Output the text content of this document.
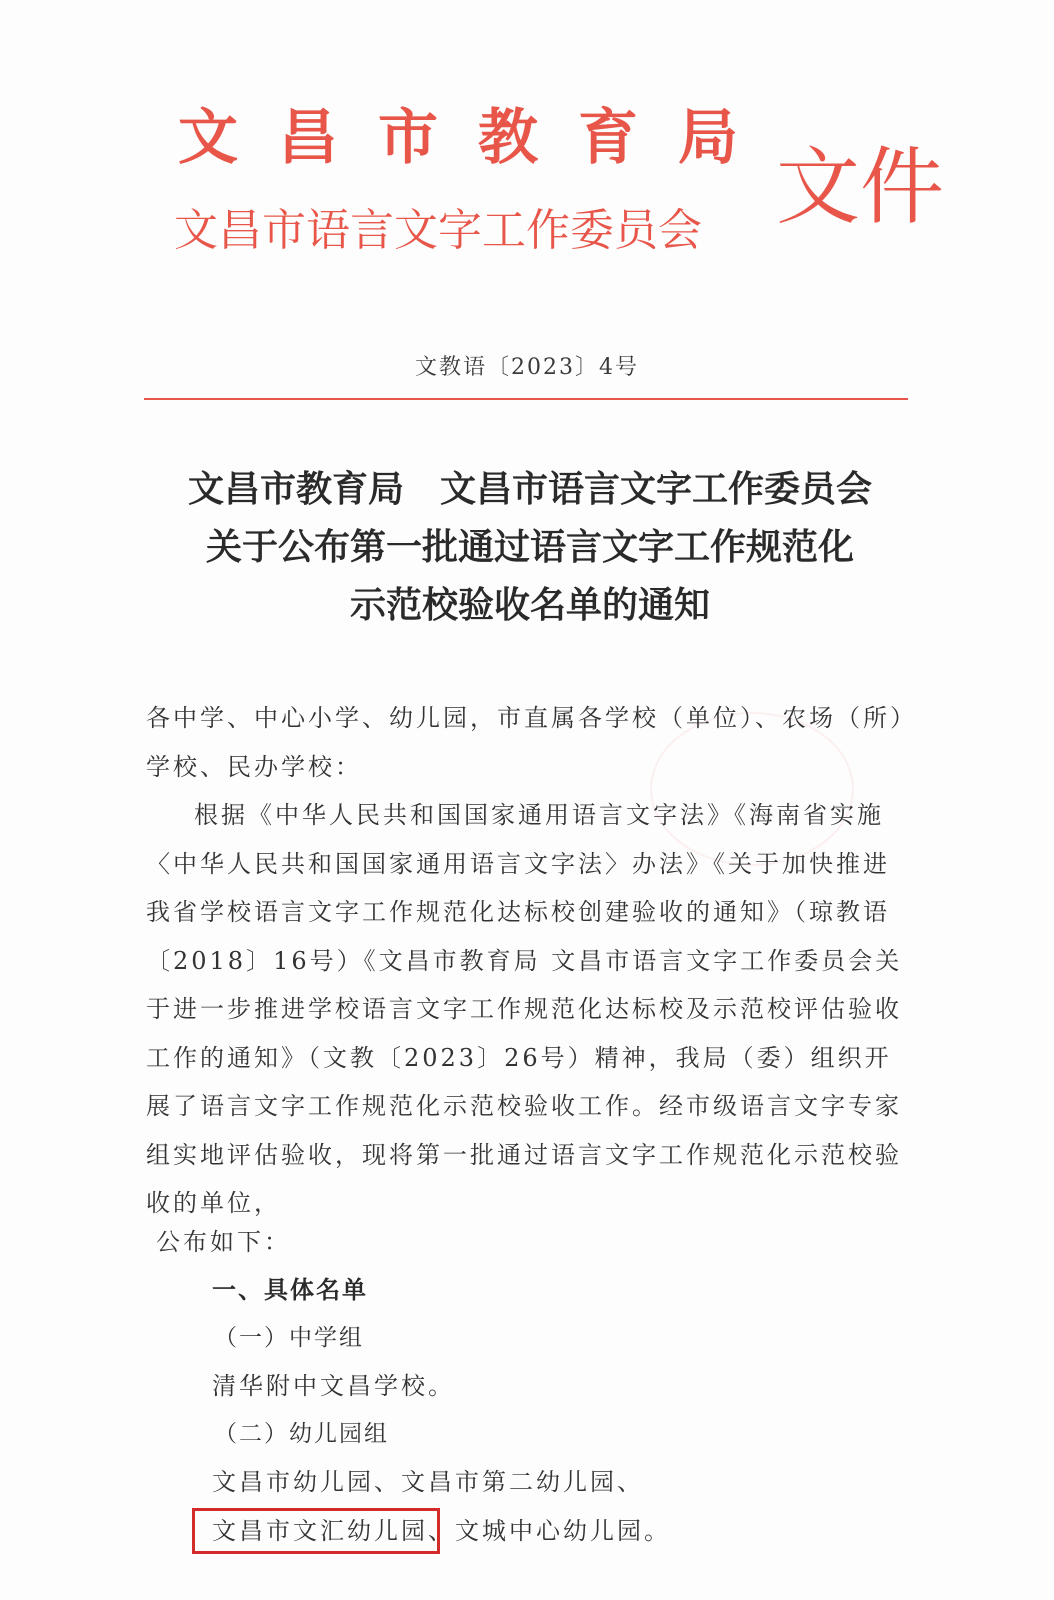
文 昌 市 教 育 局
文昌市语言文字工作委员会 文件
文教语〔2023〕4号
文昌市教育局　文昌市语言文字工作委员会
关于公布第一批通过语言文字工作规范化
示范校验收名单的通知

各中学、中心小学、幼儿园，市直属各学校（单位）、农场（所）学校、民办学校：

根据《中华人民共和国国家通用语言文字法》《海南省实施〈中华人民共和国国家通用语言文字法〉办法》《关于加快推进我省学校语言文字工作规范化达标校创建验收的通知》（琼教语〔2018〕16号）《文昌市教育局 文昌市语言文字工作委员会关于进一步推进学校语言文字工作规范化达标校及示范校评估验收工作的通知》（文教〔2023〕26号）精神，我局（委）组织开展了语言文字工作规范化示范校验收工作。经市级语言文字专家组实地评估验收，现将第一批通过语言文字工作规范化示范校验收的单位，

公布如下：
一、具体名单
（一）中学组
清华附中文昌学校。
（二）幼儿园组
文昌市幼儿园、文昌市第二幼儿园、
文昌市文汇幼儿园、文城中心幼儿园。
